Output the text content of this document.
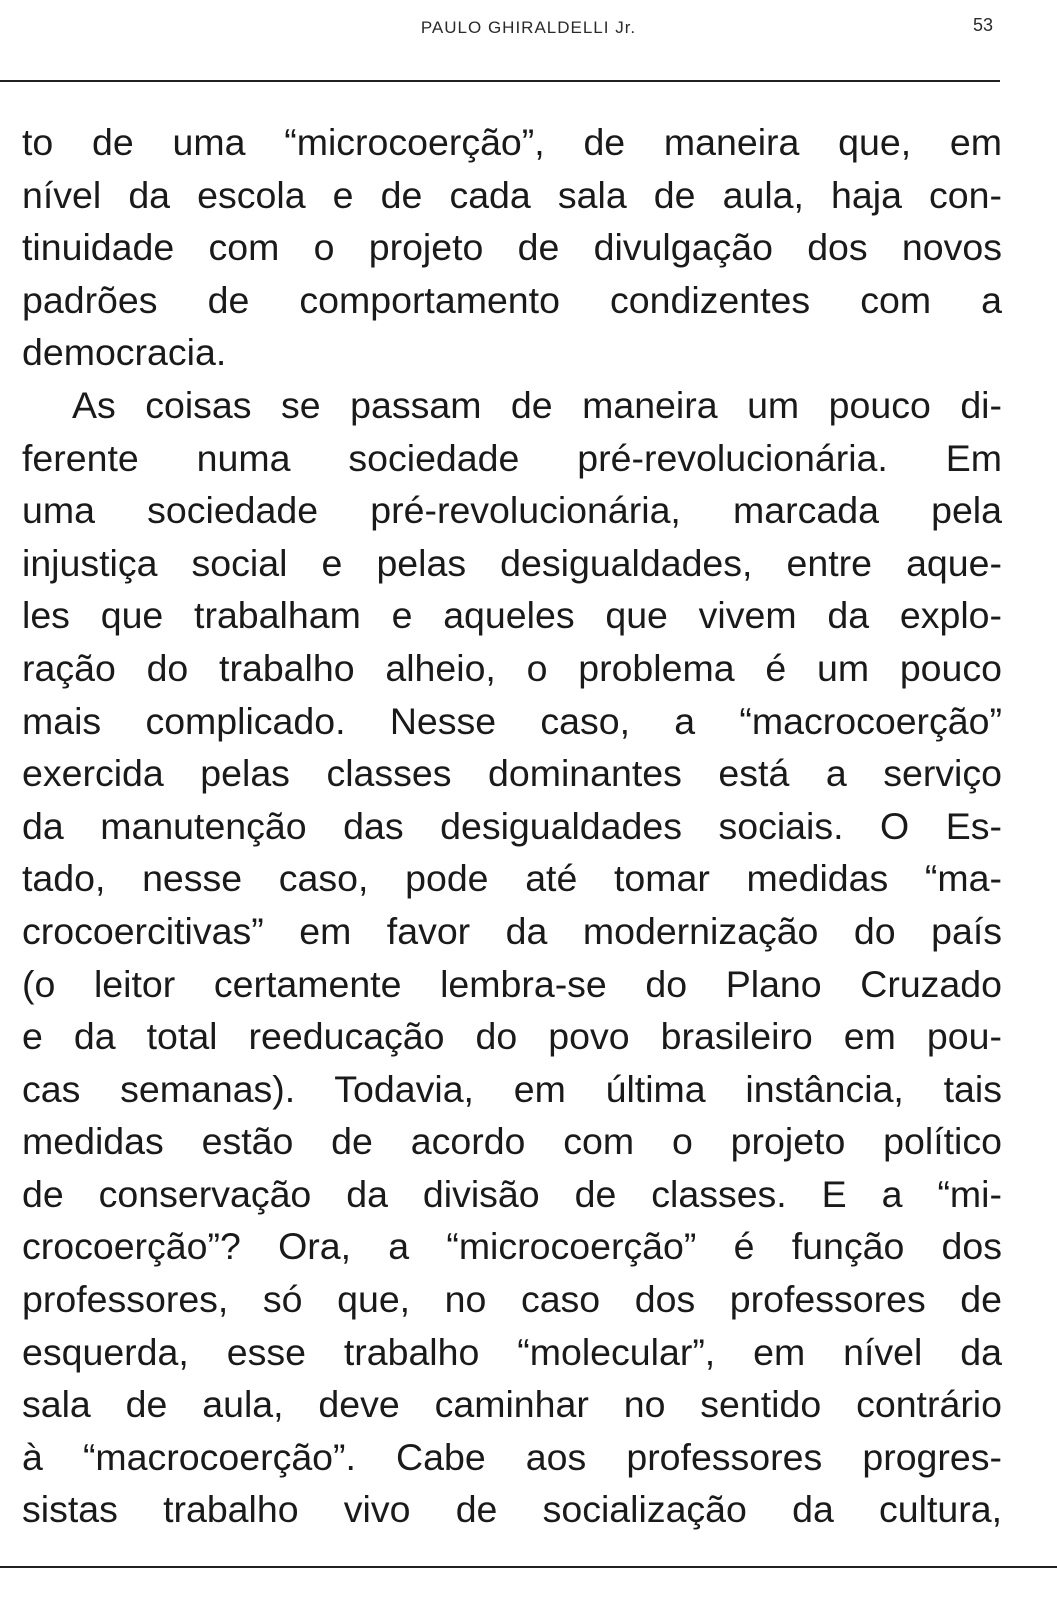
PAULO GHIRALDELLI Jr.	53
to de uma “microcoerção”, de maneira que, em
nível da escola e de cada sala de aula, haja con-
tinuidade com o projeto de divulgação dos novos
padrões de comportamento condizentes com a
democracia.
As coisas se passam de maneira um pouco di-
ferente numa sociedade pré-revolucionária. Em
uma sociedade pré-revolucionária, marcada pela
injustiça social e pelas desigualdades, entre aque-
les que trabalham e aqueles que vivem da explo-
ração do trabalho alheio, o problema é um pouco
mais complicado. Nesse caso, a “macrocoerção”
exercida pelas classes dominantes está a serviço
da manutenção das desigualdades sociais. O Es-
tado, nesse caso, pode até tomar medidas “ma-
crocoercitivas” em favor da modernização do país
(o leitor certamente lembra-se do Plano Cruzado
e da total reeducação do povo brasileiro em pou-
cas semanas). Todavia, em última instância, tais
medidas estão de acordo com o projeto político
de conservação da divisão de classes. E a “mi-
crocoerção”? Ora, a “microcoerção” é função dos
professores, só que, no caso dos professores de
esquerda, esse trabalho “molecular”, em nível da
sala de aula, deve caminhar no sentido contrário
à “macrocoerção”. Cabe aos professores progres-
sistas trabalho vivo de socialização da cultura,
